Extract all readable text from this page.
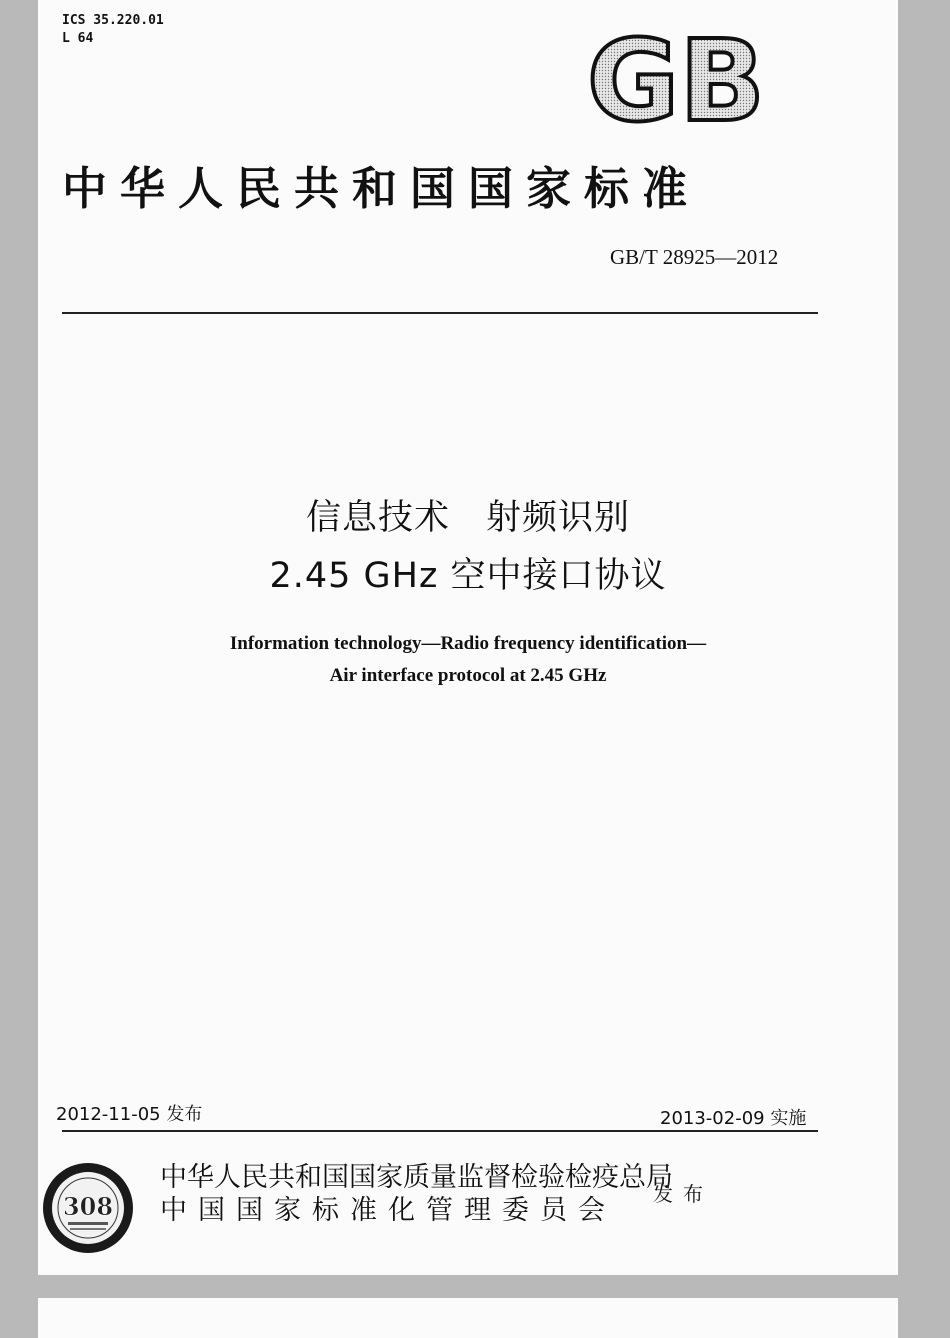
ICS 35.220.01
L 64	GB
中华人民共和国国家标准
GB/T 28925—2012
信息技术　射频识别
2.45 GHz 空中接口协议
Information technology—Radio frequency identification—
Air interface protocol at 2.45 GHz
2012-11-05 发布	2013-02-09 实施
308
中华人民共和国国家质量监督检验检疫总局
中国国家标准化管理委员会
发布
